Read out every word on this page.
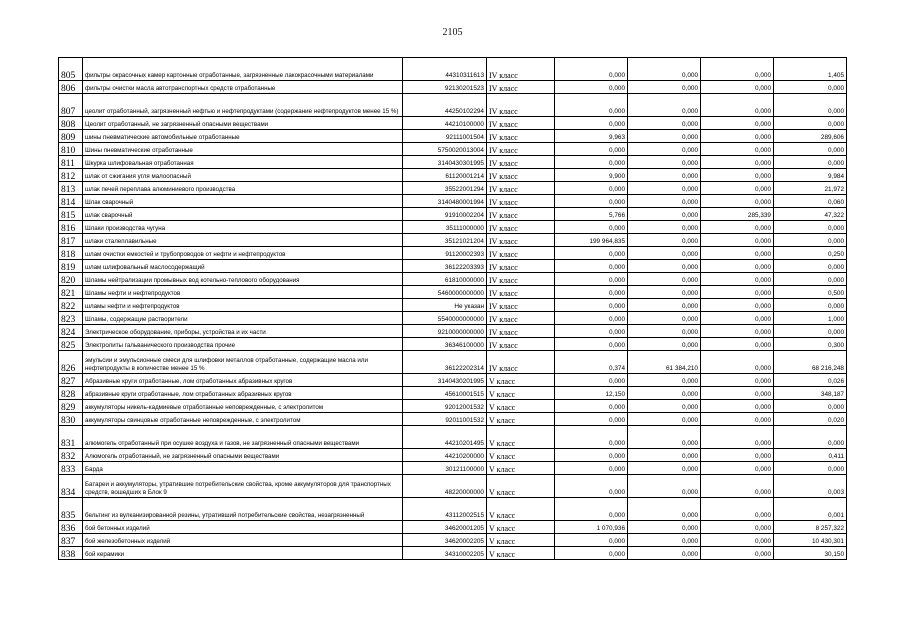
2105
805	фильтры окрасочных камер картонные отработанные, загрязненные лакокрасочными материалами	44310311613	IV класс	0,000	0,000	0,000	1,405
806	фильтры очистки масла автотранспортных средств отработанные	92130201523	IV класс	0,000	0,000	0,000	0,000
807	цеолит отработанный, загрязненный нефтью и нефтепродуктами (содержание нефтепродуктов менее 15 %)	44250102294	IV класс	0,000	0,000	0,000	0,000
808	Цеолит отработанный, не загрязненный опасными веществами	44210100000	IV класс	0,000	0,000	0,000	0,000
809	шины пневматические автомобильные отработанные	92111001504	IV класс	9,963	0,000	0,000	289,606
810	Шины пневматические отработанные	5750020013004	IV класс	0,000	0,000	0,000	0,000
811	Шкурка шлифовальная отработанная	3140430301995	IV класс	0,000	0,000	0,000	0,000
812	шлак от сжигания угля малоопасный	61120001214	IV класс	9,900	0,000	0,000	9,984
813	шлак печей переплава алюминиевого производства	35522001294	IV класс	0,000	0,000	0,000	21,972
814	Шлак сварочный	3140480001994	IV класс	0,000	0,000	0,000	0,060
815	шлак сварочный	91910002204	IV класс	5,766	0,000	285,339	47,322
816	Шлаки производства чугуна	35111000000	IV класс	0,000	0,000	0,000	0,000
817	шлаки сталеплавильные	35121021204	IV класс	199 964,835	0,000	0,000	0,000
818	шлам очистки емкостей и трубопроводов от нефти и нефтепродуктов	91120002393	IV класс	0,000	0,000	0,000	0,250
819	шлам шлифовальный маслосодержащий	36122203393	IV класс	0,000	0,000	0,000	0,000
820	Шламы нейтрализации промывных вод котельно-теплового оборудования	61810000000	IV класс	0,000	0,000	0,000	0,000
821	Шламы нефти и нефтепродуктов	5460000000000	IV класс	0,000	0,000	0,000	0,500
822	шламы нефти и нефтепродуктов	Не указан	IV класс	0,000	0,000	0,000	0,000
823	Шламы, содержащие растворители	5540000000000	IV класс	0,000	0,000	0,000	1,000
824	Электрическое оборудование, приборы, устройства и их части	9210000000000	IV класс	0,000	0,000	0,000	0,000
825	Электролиты гальванического производства прочие	36346100000	IV класс	0,000	0,000	0,000	0,300
826	эмульсии и эмульсионные смеси для шлифовки металлов отработанные, содержащие масла или нефтепродукты в количестве менее 15 %	36122202314	IV класс	0,374	61 384,210	0,000	68 216,248
827	Абразивные круги отработанные, лом отработанных абразивных кругов	3140430201995	V класс	0,000	0,000	0,000	0,026
828	абразивные круги отработанные, лом отработанных абразивных кругов	45610001515	V класс	12,150	0,000	0,000	348,187
829	аккумуляторы никель-кадмиевые отработанные неповрежденные, с электролитом	92012001532	V класс	0,000	0,000	0,000	0,000
830	аккумуляторы свинцовые отработанные неповрежденные, с электролитом	92011001532	V класс	0,000	0,000	0,000	0,020
831	алюмогель отработанный при осушке воздуха и газов, не загрязненный опасными веществами	44210201495	V класс	0,000	0,000	0,000	0,000
832	Алюмогель отработанный, не загрязненный опасными веществами	44210200000	V класс	0,000	0,000	0,000	0,411
833	Барда	30121100000	V класс	0,000	0,000	0,000	0,000
834	Батареи и аккумуляторы, утратившие потребительские свойства, кроме аккумуляторов для транспортных средств, вошедших в Блок 9	48220000000	V класс	0,000	0,000	0,000	0,003
835	бельтинг из вулканизированной резины, утративший потребительские свойства, незагрязненный	43112002515	V класс	0,000	0,000	0,000	0,001
836	бой бетонных изделий	34620001205	V класс	1 070,936	0,000	0,000	8 257,322
837	бой железобетонных изделий	34620002205	V класс	0,000	0,000	0,000	10 430,301
838	бой керамики	34310002205	V класс	0,000	0,000	0,000	30,150
